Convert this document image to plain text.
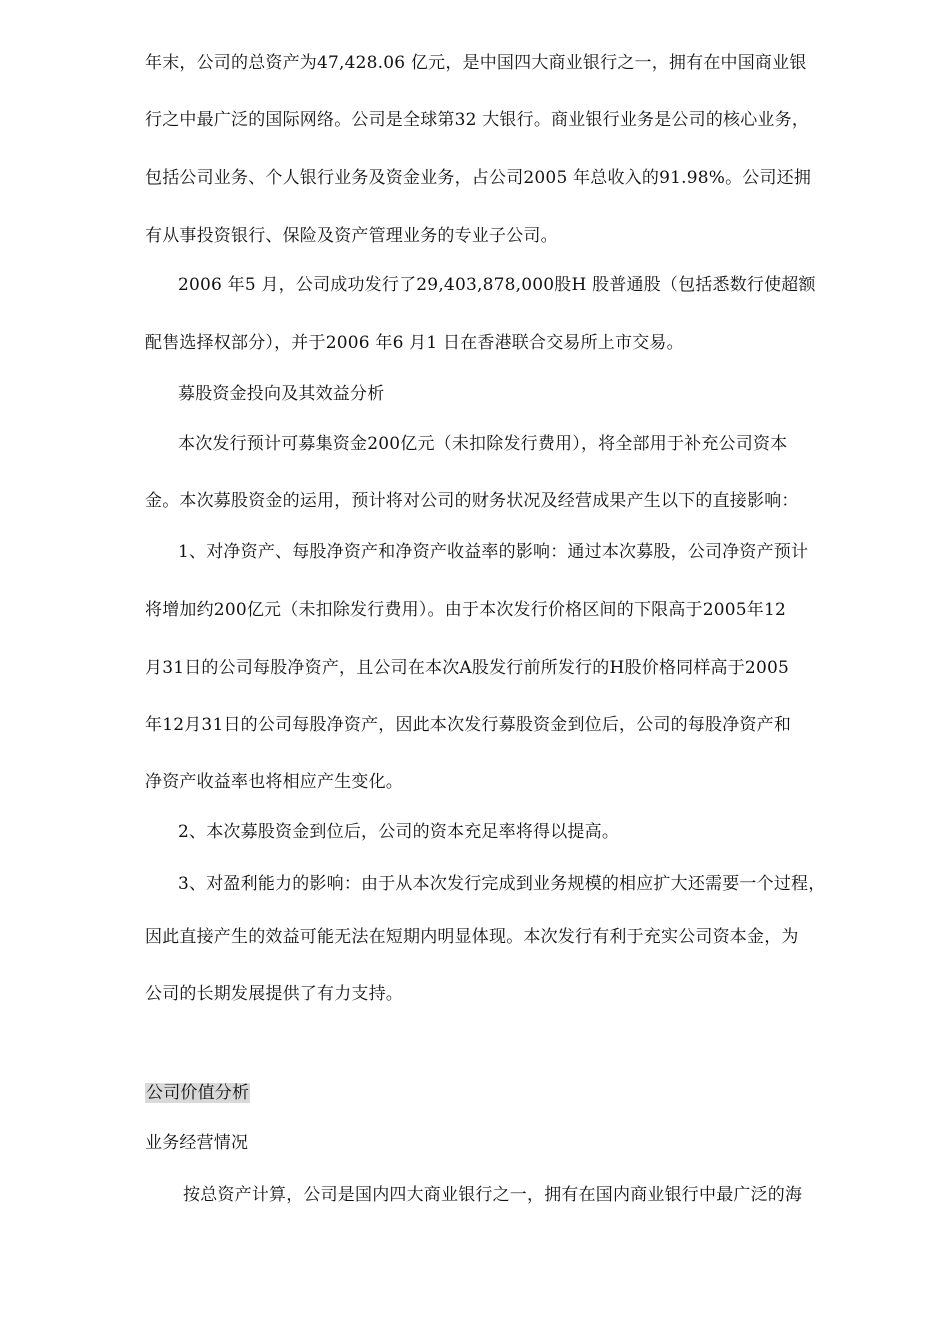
年末，公司的总资产为47,428.06 亿元，是中国四大商业银行之一，拥有在中国商业银
行之中最广泛的国际网络。公司是全球第32 大银行。商业银行业务是公司的核心业务，
包括公司业务、个人银行业务及资金业务，占公司2005 年总收入的91.98%。公司还拥
有从事投资银行、保险及资产管理业务的专业子公司。
2006 年5 月，公司成功发行了29,403,878,000股H 股普通股（包括悉数行使超额
配售选择权部分），并于2006 年6 月1 日在香港联合交易所上市交易。
募股资金投向及其效益分析
本次发行预计可募集资金200亿元（未扣除发行费用），将全部用于补充公司资本
金。本次募股资金的运用，预计将对公司的财务状况及经营成果产生以下的直接影响：
1、对净资产、每股净资产和净资产收益率的影响：通过本次募股，公司净资产预计
将增加约200亿元（未扣除发行费用）。由于本次发行价格区间的下限高于2005年12
月31日的公司每股净资产，且公司在本次A股发行前所发行的H股价格同样高于2005
年12月31日的公司每股净资产，因此本次发行募股资金到位后，公司的每股净资产和
净资产收益率也将相应产生变化。
2、本次募股资金到位后，公司的资本充足率将得以提高。
3、对盈利能力的影响：由于从本次发行完成到业务规模的相应扩大还需要一个过程，
因此直接产生的效益可能无法在短期内明显体现。本次发行有利于充实公司资本金，为
公司的长期发展提供了有力支持。
公司价值分析
业务经营情况
按总资产计算，公司是国内四大商业银行之一，拥有在国内商业银行中最广泛的海
